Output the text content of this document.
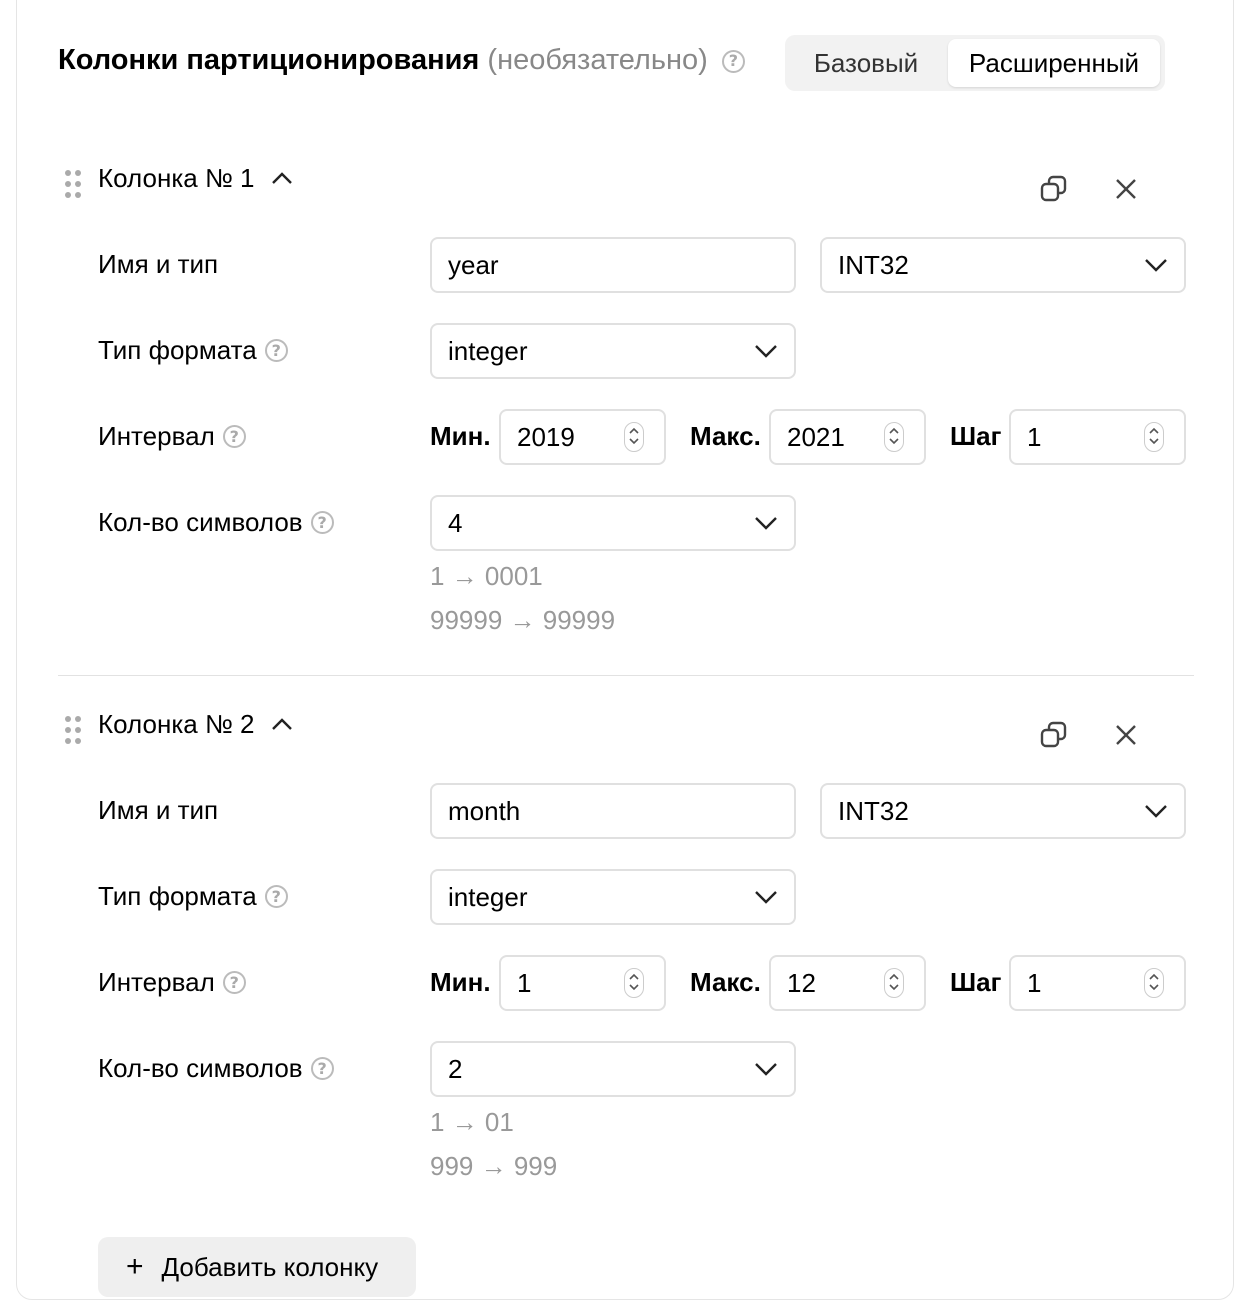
Колонки партиционирования (необязательно) ?	Базовый	Расширенный
Колонка № 1
Имя и тип	year	INT32
Тип формата ?	integer
Интервал ?	Мин. 2019	Макс. 2021	Шаг 1
Кол-во символов ?	4
1 → 0001
99999 → 99999
Колонка № 2
Имя и тип	month	INT32
Тип формата ?	integer
Интервал ?	Мин. 1	Макс. 12	Шаг 1
Кол-во символов ?	2
1 → 01
999 → 999
+ Добавить колонку
